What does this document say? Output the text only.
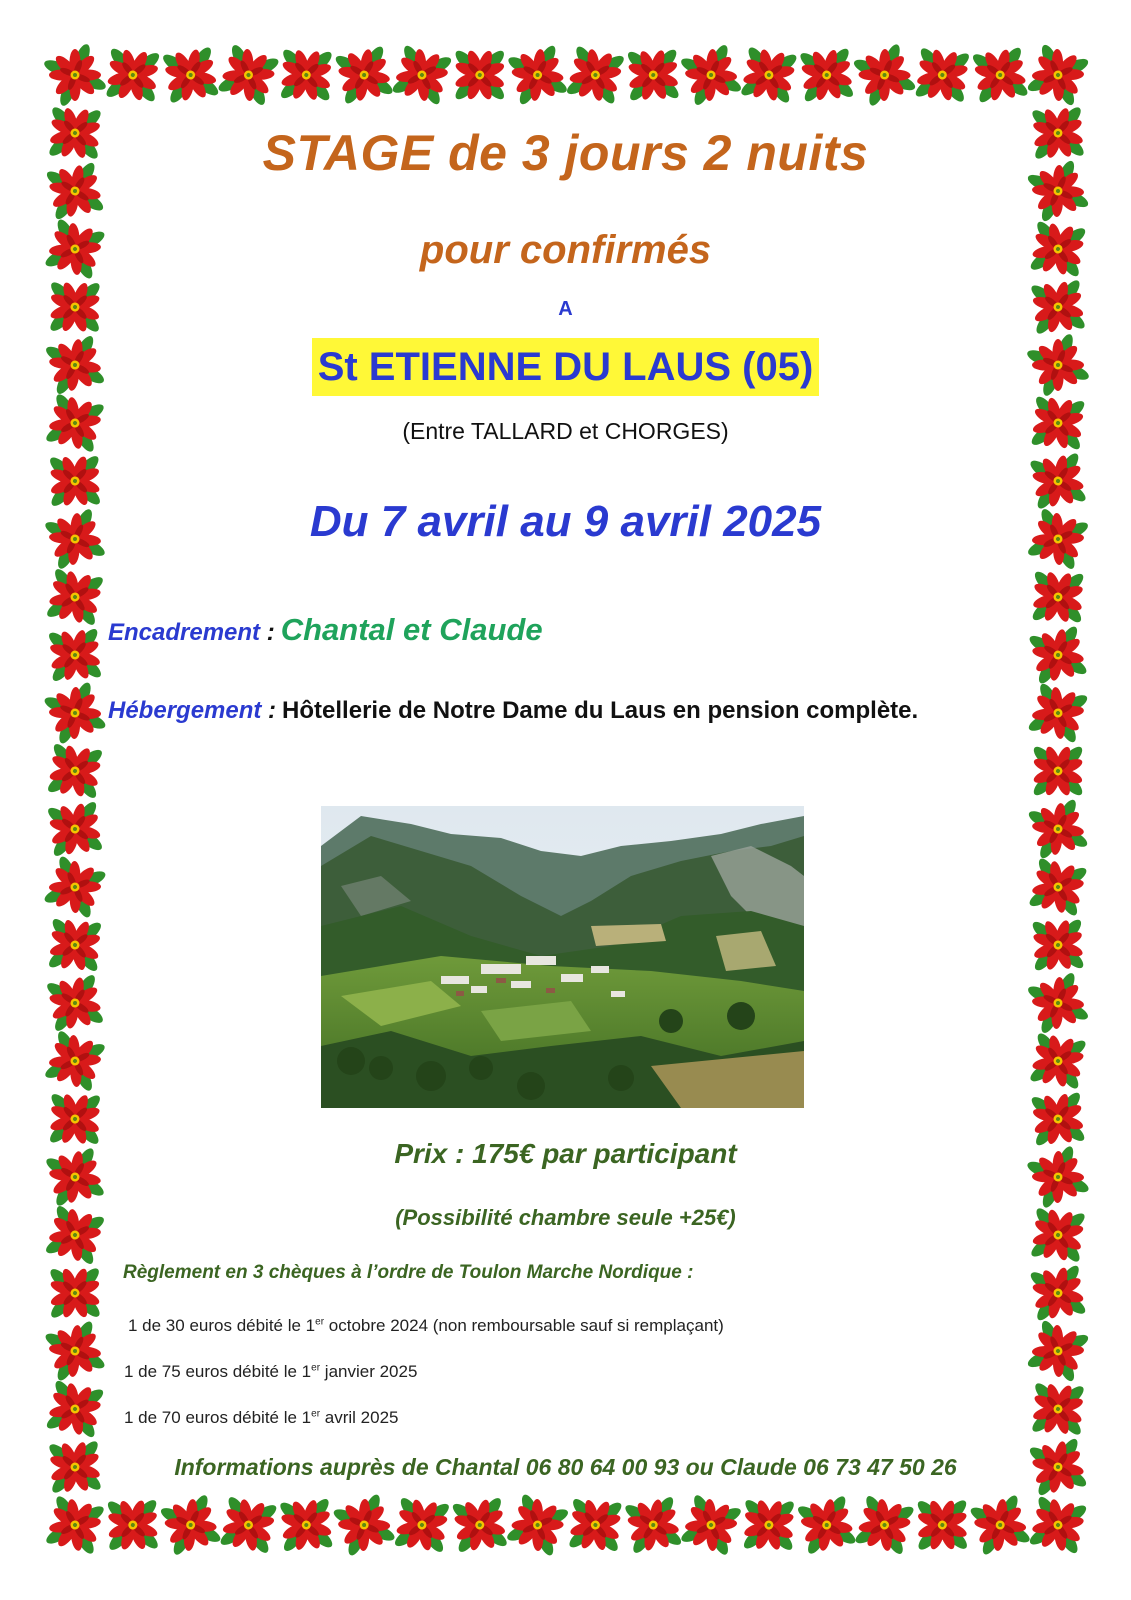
STAGE de 3 jours 2 nuits
pour confirmés
A
St ETIENNE DU LAUS (05)
(Entre TALLARD et CHORGES)
Du 7 avril au 9 avril 2025
Encadrement : Chantal et Claude
Hébergement : Hôtellerie de Notre Dame du Laus en pension complète.
Prix : 175€ par participant
(Possibilité chambre seule +25€)
Règlement en 3 chèques à l’ordre de Toulon Marche Nordique :
1 de 30 euros débité le 1er octobre 2024 (non remboursable sauf si remplaçant)
1 de 75 euros débité le 1er janvier 2025
1 de 70 euros débité le 1er avril 2025
Informations auprès de Chantal 06 80 64 00 93 ou Claude 06 73 47 50 26
